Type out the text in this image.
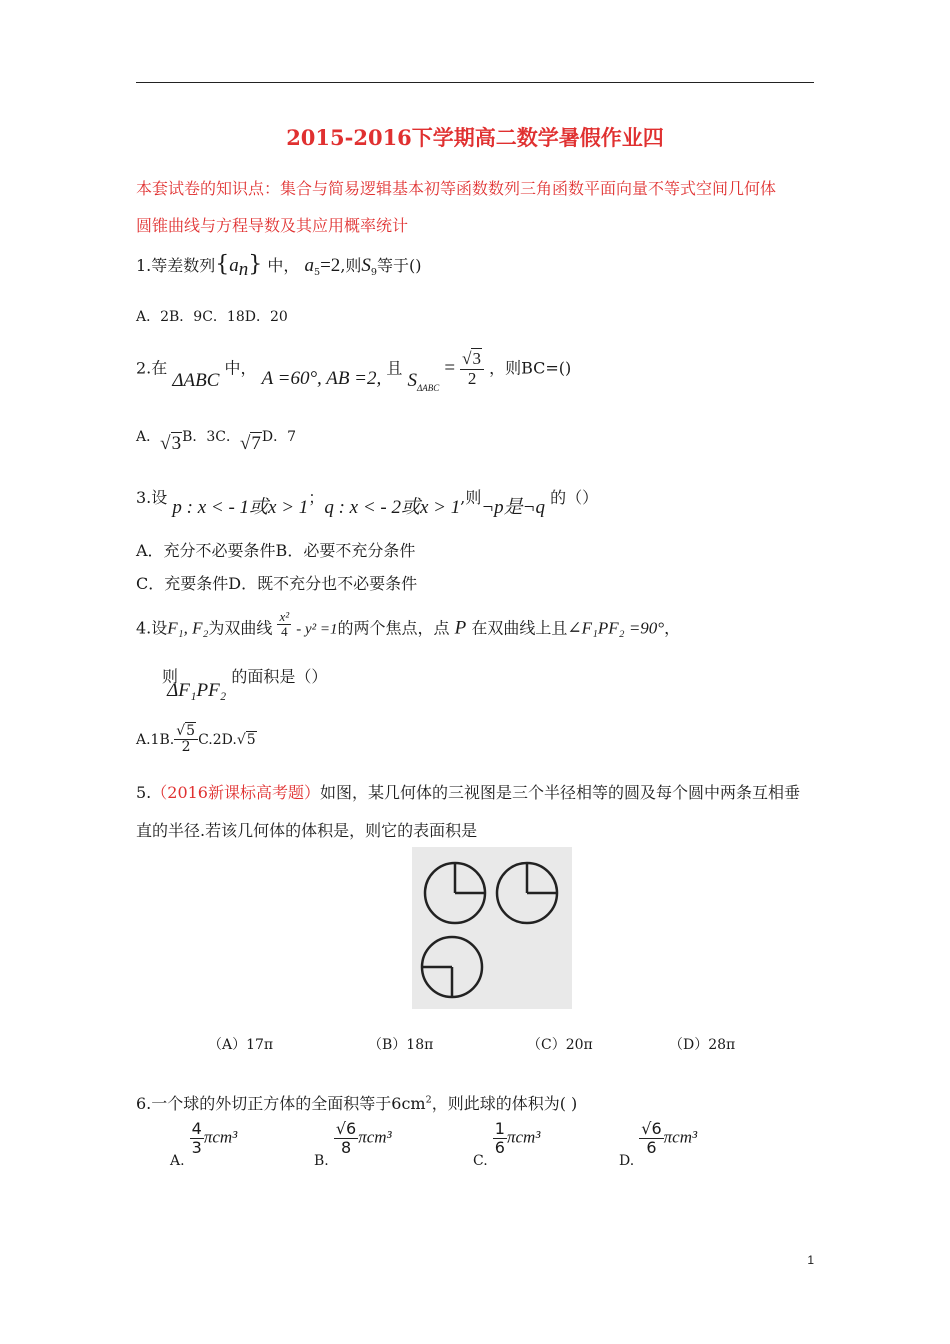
2015-2016下学期高二数学暑假作业四
本套试卷的知识点：集合与简易逻辑基本初等函数数列三角函数平面向量不等式空间几何体
圆锥曲线与方程导数及其应用概率统计
1.等差数列$\{a_n\}$ 中， $a_5=2$,则$S_9$等于()
A．2B．9C．18D．20
2.在 ΔABC 中， A =60°, AB =2, 且 $S_{\Delta ABC} = \frac{√3}{2}$ ，则BC=()
A．√3B．3C．√7D．7
3.设 p : x < - 1或x > 1；q : x < - 2或x > 1,则¬p是¬q 的（）
A．充分不必要条件B．必要不充分条件
C．充要条件D．既不充分也不必要条件
4.设F₁, F₂为双曲线 $\frac{\text{x²}}{4} - y^2 =1$的两个焦点，点 P 在双曲线上且∠F₁PF₂ =90°，
则 ΔF₁PF₂ 的面积是（）
A.1B. $\frac{√5}{2} C.2D.√5$
5.（2016新课标高考题）如图，某几何体的三视图是三个半径相等的圆及每个圆中两条互相垂
直的半径.若该几何体的体积是，则它的表面积是
（A）17π	（B）18π	（C）20π	（D）28π
6.一个球的外切正方体的全面积等于$6cm^2$，则此球的体积为( )
A.
$\frac{4}{3} \pi cm^3$
B.
$\frac{√6}{8} \pi cm^3$
C.
$\frac{1}{6} \pi cm^3$
D.
$\frac{√6}{6} \pi cm^3$
1
